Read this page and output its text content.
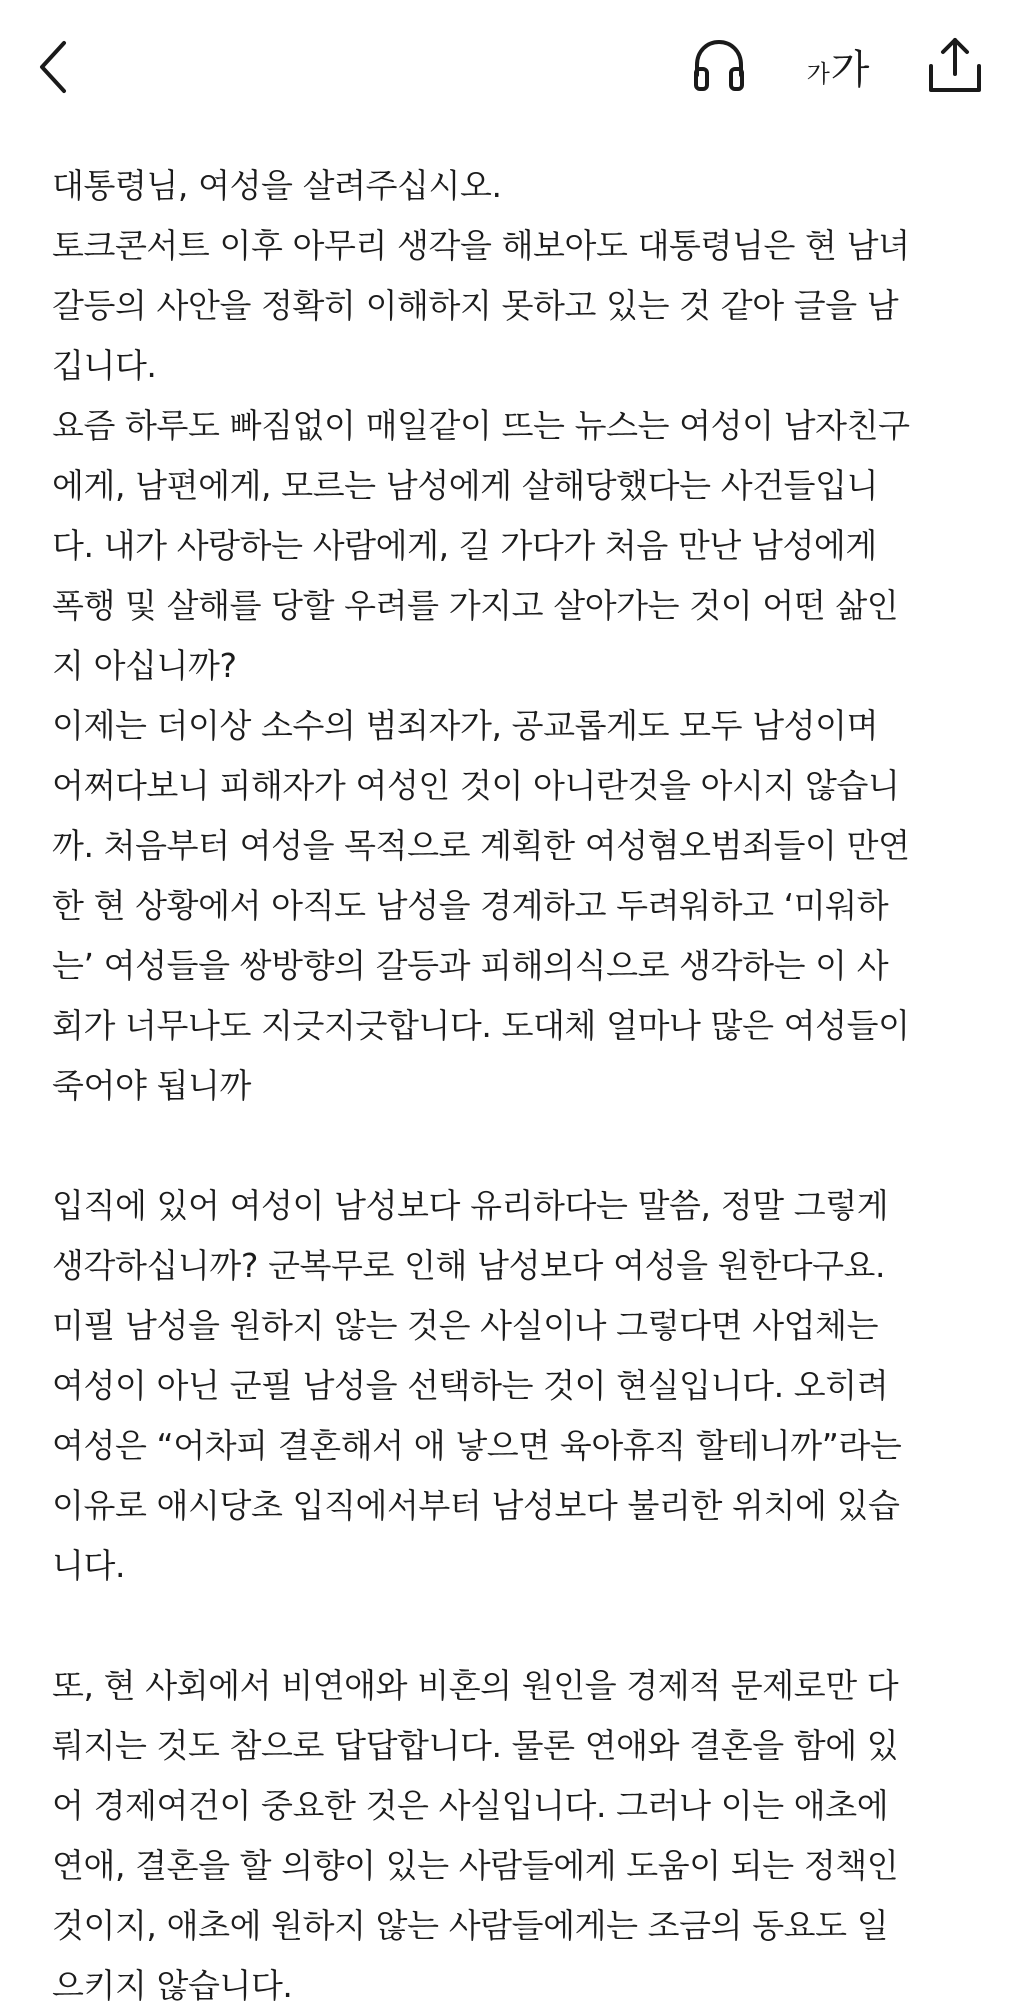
가 가

대통령님, 여성을 살려주십시오.

토크콘서트 이후 아무리 생각을 해보아도 대통령님은 현 남녀
갈등의 사안을 정확히 이해하지 못하고 있는 것 같아 글을 남
깁니다.

요즘 하루도 빠짐없이 매일같이 뜨는 뉴스는 여성이 남자친구
에게, 남편에게, 모르는 남성에게 살해당했다는 사건들입니
다. 내가 사랑하는 사람에게, 길 가다가 처음 만난 남성에게
폭행 및 살해를 당할 우려를 가지고 살아가는 것이 어떤 삶인
지 아십니까?

이제는 더이상 소수의 범죄자가, 공교롭게도 모두 남성이며
어쩌다보니 피해자가 여성인 것이 아니란것을 아시지 않습니
까. 처음부터 여성을 목적으로 계획한 여성혐오범죄들이 만연
한 현 상황에서 아직도 남성을 경계하고 두려워하고 ‘미워하
는’ 여성들을 쌍방향의 갈등과 피해의식으로 생각하는 이 사
회가 너무나도 지긋지긋합니다. 도대체 얼마나 많은 여성들이
죽어야 됩니까

입직에 있어 여성이 남성보다 유리하다는 말씀, 정말 그렇게
생각하십니까? 군복무로 인해 남성보다 여성을 원한다구요.
미필 남성을 원하지 않는 것은 사실이나 그렇다면 사업체는
여성이 아닌 군필 남성을 선택하는 것이 현실입니다. 오히려
여성은 “어차피 결혼해서 애 낳으면 육아휴직 할테니까”라는
이유로 애시당초 입직에서부터 남성보다 불리한 위치에 있습
니다.

또, 현 사회에서 비연애와 비혼의 원인을 경제적 문제로만 다
뤄지는 것도 참으로 답답합니다. 물론 연애와 결혼을 함에 있
어 경제여건이 중요한 것은 사실입니다. 그러나 이는 애초에
연애, 결혼을 할 의향이 있는 사람들에게 도움이 되는 정책인
것이지, 애초에 원하지 않는 사람들에게는 조금의 동요도 일
으키지 않습니다.
